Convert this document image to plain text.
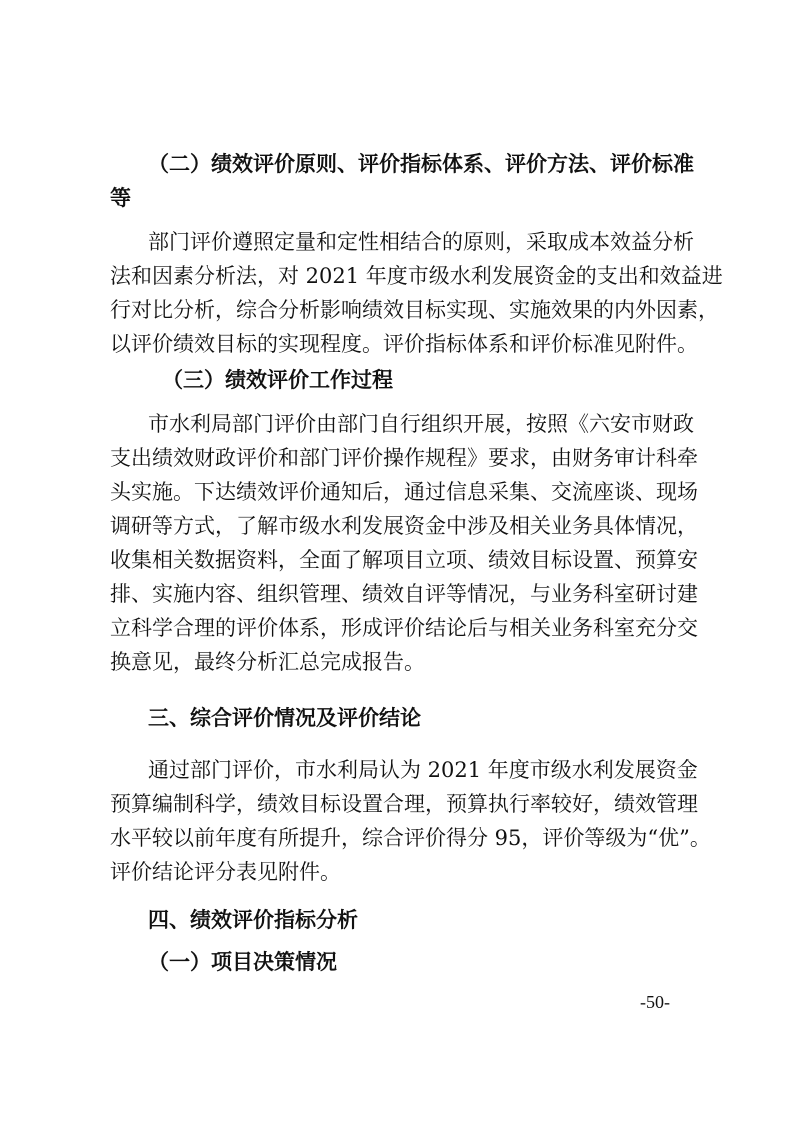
（二）绩效评价原则、评价指标体系、评价方法、评价标准
等
部门评价遵照定量和定性相结合的原则，采取成本效益分析
法和因素分析法，对 2021 年度市级水利发展资金的支出和效益进
行对比分析，综合分析影响绩效目标实现、实施效果的内外因素，
以评价绩效目标的实现程度。评价指标体系和评价标准见附件。
（三）绩效评价工作过程
市水利局部门评价由部门自行组织开展，按照《六安市财政
支出绩效财政评价和部门评价操作规程》要求，由财务审计科牵
头实施。下达绩效评价通知后，通过信息采集、交流座谈、现场
调研等方式，了解市级水利发展资金中涉及相关业务具体情况，
收集相关数据资料，全面了解项目立项、绩效目标设置、预算安
排、实施内容、组织管理、绩效自评等情况，与业务科室研讨建
立科学合理的评价体系，形成评价结论后与相关业务科室充分交
换意见，最终分析汇总完成报告。
三、综合评价情况及评价结论
通过部门评价，市水利局认为 2021 年度市级水利发展资金
预算编制科学，绩效目标设置合理，预算执行率较好，绩效管理
水平较以前年度有所提升，综合评价得分 95，评价等级为“优”。
评价结论评分表见附件。
四、绩效评价指标分析
（一）项目决策情况
-50-
